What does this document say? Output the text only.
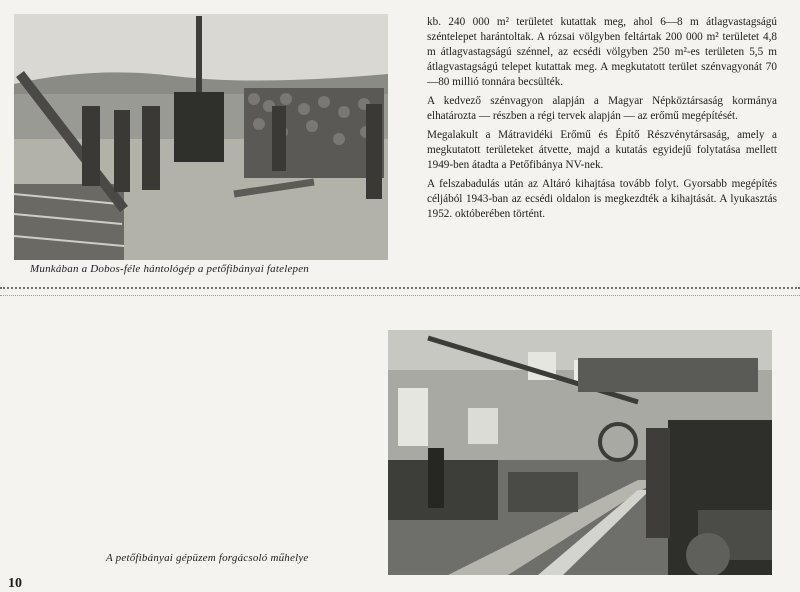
Munkában a Dobos-féle hántológép a petőfibányai fatelepen

kb. 240 000 m² területet kutattak meg, ahol 6—8 m átlagvastagságú széntelepet harántoltak. A rózsai völgyben feltártak 200 000 m² területet 4,8 m átlagvastagságú szénnel, az ecsédi völgyben 250 m²-es területen 5,5 m átlagvastagságú telepet kutattak meg. A megkutatott terület szénvagyonát 70—80 millió tonnára becsülték.

A kedvező szénvagyon alapján a Magyar Népköztársaság kormánya elhatározta — részben a régi tervek alapján — az erőmű megépítését.

Megalakult a Mátravidéki Erőmű és Építő Részvénytársaság, amely a megkutatott területeket átvette, majd a kutatás egyidejű folytatása mellett 1949-ben átadta a Petőfibánya NV-nek.

A felszabadulás után az Altáró kihajtása tovább folyt. Gyorsabb megépítés céljából 1943-ban az ecsédi oldalon is megkezdték a kihajtását. A lyukasztás 1952. októberében történt.

A petőfibányai gépüzem forgácsoló műhelye
10
